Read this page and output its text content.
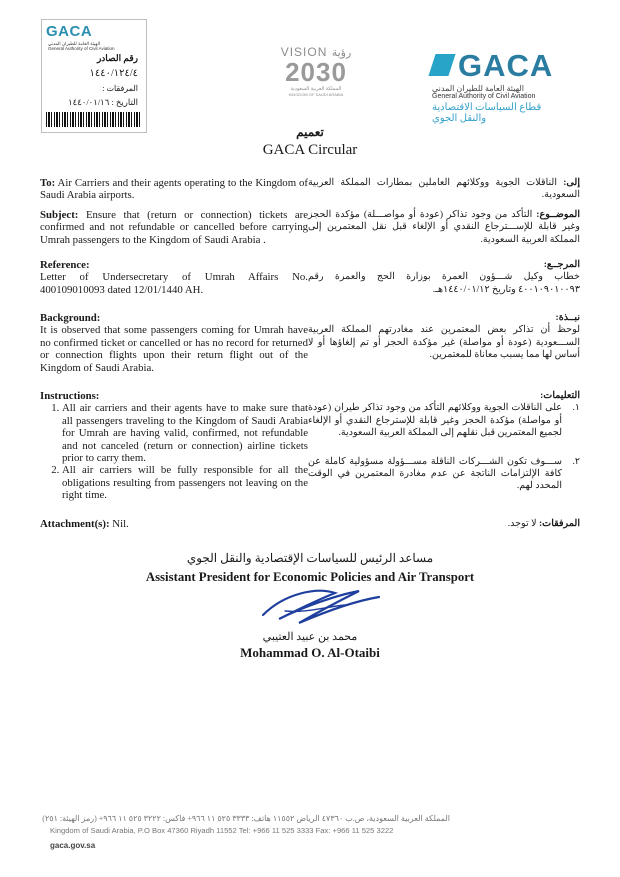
GACA
الهيئة العامة للطيران المدني
General Authority of Civil Aviation
رقم الصادر
١٤٤٠/١٢٤/٤
المرفقات :
التاريخ : ١٤٤٠/٠١/١٦
VISION رؤية
2030
المملكة العربية السعودية
KINGDOM OF SAUDI ARABIA
GACA
الهيئة العامة للطيران المدني
General Authority of Civil Aviation
قطاع السياسات الاقتصادية
والنقل الجوي
تعميم
GACA Circular
To: Air Carriers and their agents operating to the Kingdom of Saudi Arabia airports.
إلى: الناقلات الجوية ووكلائهم العاملين بمطارات المملكة العربية السعودية.
Subject: Ensure that (return or connection) tickets are confirmed and not refundable or cancelled before carrying Umrah passengers to the Kingdom of Saudi Arabia .
الموضــوع: التأكد من وجود تذاكر (عودة أو مواصـــلة) مؤكدة الحجز وغير قابلة للإســـترجاع النقدي أو الإلغاء قبل نقل المعتمرين إلى المملكة العربية السعودية.
Reference:
Letter of Undersecretary of Umrah Affairs No. 400109010093 dated 12/01/1440 AH.
المرجــع:
خطاب وكيل شـــؤون العمرة بوزارة الحج والعمرة رقم ٤٠٠١٠٩٠١٠٠٩٣ وتاريخ ١٤٤٠/٠١/١٢هـ.
Background:
It is observed that some passengers coming for Umrah have no confirmed ticket or cancelled or has no record for returned or connection flights upon their return flight out of the Kingdom of Saudi Arabia.
نبــذة:
لوحظ أن تذاكر بعض المعتمرين عند مغادرتهم المملكة العربية الســـعودية (عودة أو مواصلة) غير مؤكدة الحجز أو تم إلغاؤها أو لا أساس لها مما يسبب معاناة للمعتمرين.
Instructions:
1. All air carriers and their agents have to make sure that all passengers traveling to the Kingdom of Saudi Arabia for Umrah are having valid, confirmed, not refundable and not canceled (return or connection) airline tickets prior to carry them.
2. All air carriers will be fully responsible for all the obligations resulting from passengers not leaving on the right time.
التعليمات:
١.
على الناقلات الجوية ووكلائهم التأكد من وجود تذاكر طيران (عودة أو مواصلة) مؤكدة الحجز وغير قابلة للإسترجاع النقدي أو الإلغاء لجميع المعتمرين قبل نقلهم إلى المملكة العربية السعودية.
٢.
ســـوف تكون الشـــركات الناقلة مســـؤولة مسؤولية كاملة عن كافة الإلتزامات الناتجة عن عدم مغادرة المعتمرين في الوقت المحدد لهم.
Attachment(s): Nil.	المرفقات: لا توجد.
مساعد الرئيس للسياسات الإقتصادية والنقل الجوي
Assistant President for Economic Policies and Air Transport
محمد بن عبيد العتيبي
Mohammad O. Al-Otaibi
المملكة العربية السعودية، ص.ب ٤٧٣٦٠ الرياض ١١٥٥٢ هاتف: ٣٣٣٣ ٥٢٥ ١١ ٩٦٦+ فاكس: ٣٢٢٢ ٥٢٥ ١١ ٩٦٦+ (رمز الهيئة: ٢٥١)
Kingdom of Saudi Arabia, P.O Box 47360 Riyadh 11552 Tel: +966 11 525 3333 Fax: +966 11 525 3222
gaca.gov.sa
